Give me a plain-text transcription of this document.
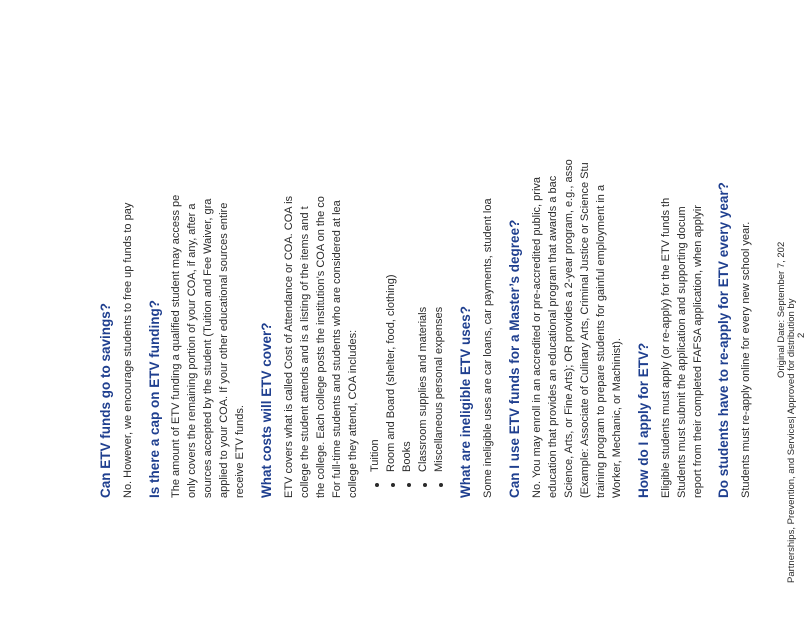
Can ETV funds go to savings? No. However, we encourage students to free up funds to pay Is there a cap on ETV funding? The amount of ETV funding a qualified student may access pe only covers the remaining portion of your COA, if any, after a sources accepted by the student (Tuition and Fee Waiver, gra applied to your COA. If your other educational sources entire receive ETV funds. What costs will ETV cover? ETV covers what is called Cost of Attendance or COA. COA is college the student attends and is a listing of the items and t the college. Each college posts the institution’s COA on the co For full-time students and students who are considered at lea college they attend, COA includes: Tuition Room and Board (shelter, food, clothing) Books Classroom supplies and materials Miscellaneous personal expenses What are ineligible ETV uses? Some ineligible uses are car loans, car payments, student loa Can I use ETV funds for a Master’s degree? No. You may enroll in an accredited or pre-accredited public, priva education that provides an educational program that awards a bac Science, Arts, or Fine Arts); OR provides a 2-year program, e.g., asso (Example: Associate of Culinary Arts, Criminal Justice or Science Stu training program to prepare students for gainful employment in a Worker, Mechanic, or Machinist). How do I apply for ETV? Eligible students must apply (or re-apply) for the ETV funds th Students must submit the application and supporting docum report from their completed FAFSA application, when applyir Do students have to re-apply for ETV every year? Students must re-apply online for every new school year.	Original Date: September 7, 202 Partnerships, Prevention, and Services| Approved for distribution by 2
